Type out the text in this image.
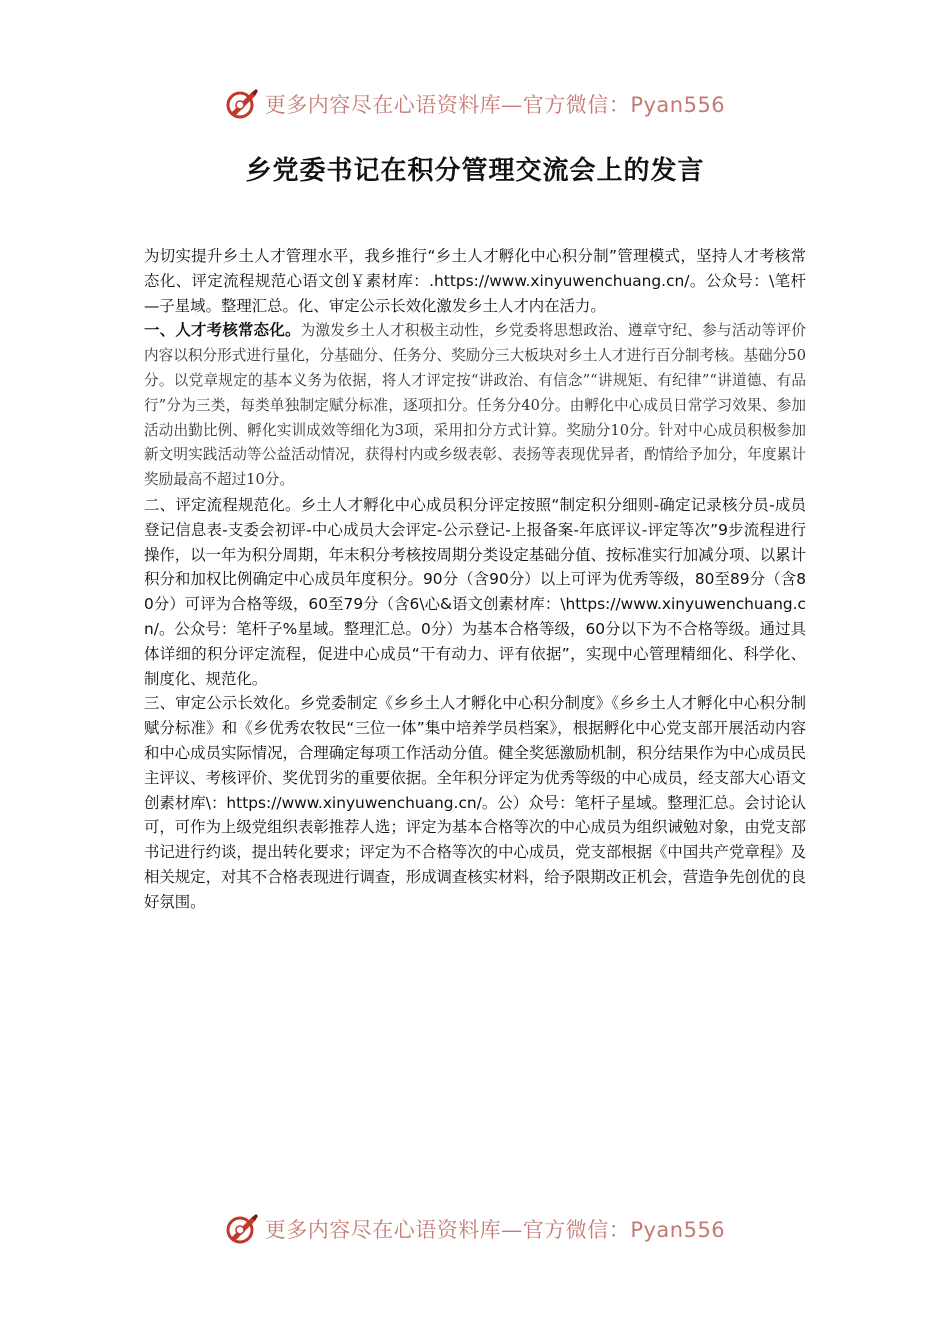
更多内容尽在心语资料库—官方微信：Pyan556
乡党委书记在积分管理交流会上的发言

为切实提升乡土人才管理水平，我乡推行“乡土人才孵化中心积分制”管理模式，坚持人才考核常态化、评定流程规范心语文创￥素材库：.https://www.xinyuwenchuang.cn/。公众号：\笔杆—子星域。整理汇总。化、审定公示长效化激发乡土人才内在活力。

一、人才考核常态化。为激发乡土人才积极主动性，乡党委将思想政治、遵章守纪、参与活动等评价内容以积分形式进行量化，分基础分、任务分、奖励分三大板块对乡土人才进行百分制考核。基础分50分。以党章规定的基本义务为依据，将人才评定按“讲政治、有信念”“讲规矩、有纪律”“讲道德、有品行”分为三类，每类单独制定赋分标准，逐项扣分。任务分40分。由孵化中心成员日常学习效果、参加活动出勤比例、孵化实训成效等细化为3项，采用扣分方式计算。奖励分10分。针对中心成员积极参加新文明实践活动等公益活动情况，获得村内或乡级表彰、表扬等表现优异者，酌情给予加分，年度累计奖励最高不超过10分。

二、评定流程规范化。乡土人才孵化中心成员积分评定按照“制定积分细则-确定记录核分员-成员登记信息表-支委会初评-中心成员大会评定-公示登记-上报备案-年底评议-评定等次”9步流程进行操作，以一年为积分周期，年末积分考核按周期分类设定基础分值、按标准实行加减分项、以累计积分和加权比例确定中心成员年度积分。90分（含90分）以上可评为优秀等级，80至89分（含80分）可评为合格等级，60至79分（含6\心&语文创素材库：\https://www.xinyuwenchuang.cn/。公众号：笔杆子%星域。整理汇总。0分）为基本合格等级，60分以下为不合格等级。通过具体详细的积分评定流程，促进中心成员“干有动力、评有依据”，实现中心管理精细化、科学化、制度化、规范化。

三、审定公示长效化。乡党委制定《乡乡土人才孵化中心积分制度》《乡乡土人才孵化中心积分制赋分标准》和《乡优秀农牧民“三位一体”集中培养学员档案》，根据孵化中心党支部开展活动内容和中心成员实际情况，合理确定每项工作活动分值。健全奖惩激励机制，积分结果作为中心成员民主评议、考核评价、奖优罚劣的重要依据。全年积分评定为优秀等级的中心成员，经支部大心语文创素材库\：https://www.xinyuwenchuang.cn/。公）众号：笔杆子星域。整理汇总。会讨论认可，可作为上级党组织表彰推荐人选；评定为基本合格等次的中心成员为组织诫勉对象，由党支部书记进行约谈，提出转化要求；评定为不合格等次的中心成员，党支部根据《中国共产党章程》及相关规定，对其不合格表现进行调查，形成调查核实材料，给予限期改正机会，营造争先创优的良好氛围。

更多内容尽在心语资料库—官方微信：Pyan556
